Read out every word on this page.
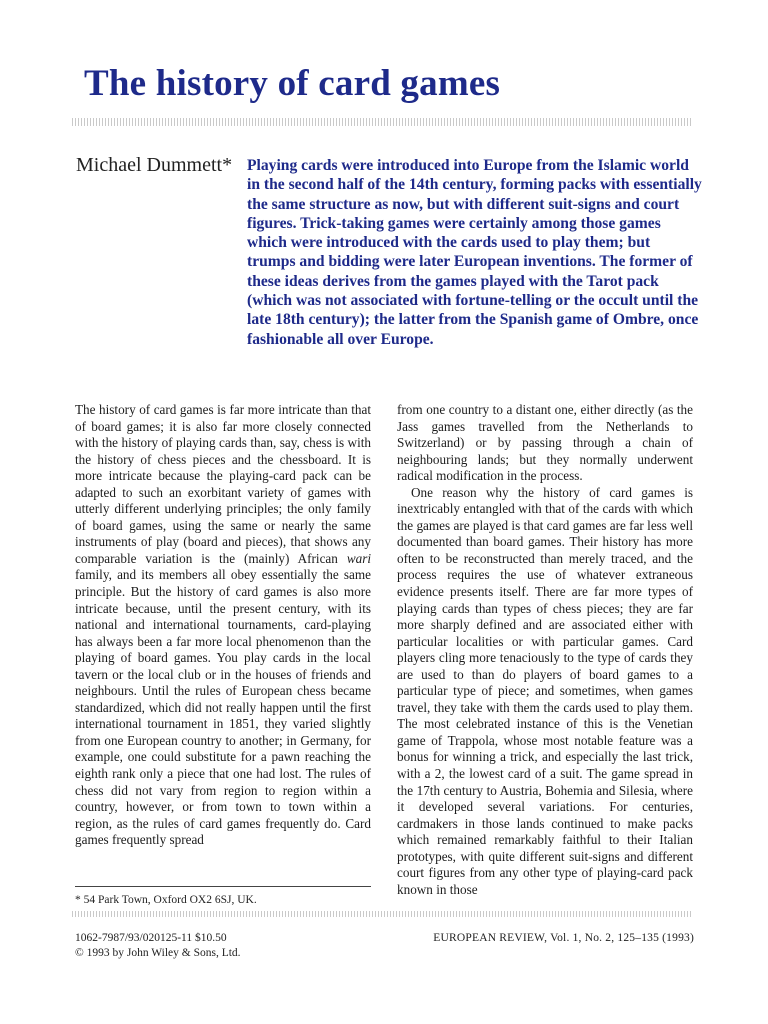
The history of card games
Michael Dummett* Playing cards were introduced into Europe from the Islamic world in the second half of the 14th century, forming packs with essentially the same structure as now, but with different suit-signs and court figures. Trick-taking games were certainly among those games which were introduced with the cards used to play them; but trumps and bidding were later European inventions. The former of these ideas derives from the games played with the Tarot pack (which was not associated with fortune-telling or the occult until the late 18th century); the latter from the Spanish game of Ombre, once fashionable all over Europe.

The history of card games is far more intricate than that of board games; it is also far more closely connected with the history of playing cards than, say, chess is with the history of chess pieces and the chessboard. It is more intricate because the playing-card pack can be adapted to such an exorbitant variety of games with utterly different underlying principles; the only family of board games, using the same or nearly the same instruments of play (board and pieces), that shows any comparable variation is the (mainly) African wari family, and its members all obey essentially the same principle. But the history of card games is also more intricate because, until the present century, with its national and international tournaments, card-playing has always been a far more local phenomenon than the playing of board games. You play cards in the local tavern or the local club or in the houses of friends and neighbours. Until the rules of European chess became standardized, which did not really happen until the first international tournament in 1851, they varied slightly from one European country to another; in Germany, for example, one could substitute for a pawn reaching the eighth rank only a piece that one had lost. The rules of chess did not vary from region to region within a country, however, or from town to town within a region, as the rules of card games frequently do. Card games frequently spread

from one country to a distant one, either directly (as the Jass games travelled from the Netherlands to Switzerland) or by passing through a chain of neighbouring lands; but they normally underwent radical modification in the process.

One reason why the history of card games is inextricably entangled with that of the cards with which the games are played is that card games are far less well documented than board games. Their history has more often to be reconstructed than merely traced, and the process requires the use of whatever extraneous evidence presents itself. There are far more types of playing cards than types of chess pieces; they are far more sharply defined and are associated either with particular localities or with particular games. Card players cling more tenaciously to the type of cards they are used to than do players of board games to a particular type of piece; and sometimes, when games travel, they take with them the cards used to play them. The most celebrated instance of this is the Venetian game of Trappola, whose most notable feature was a bonus for winning a trick, and especially the last trick, with a 2, the lowest card of a suit. The game spread in the 17th century to Austria, Bohemia and Silesia, where it developed several variations. For centuries, cardmakers in those lands continued to make packs which remained remarkably faithful to their Italian prototypes, with quite different suit-signs and different court figures from any other type of playing-card pack known in those

* 54 Park Town, Oxford OX2 6SJ, UK.
1062-7987/93/020125-11 $10.50
© 1993 by John Wiley & Sons, Ltd.
EUROPEAN REVIEW, Vol. 1, No. 2, 125–135 (1993)
